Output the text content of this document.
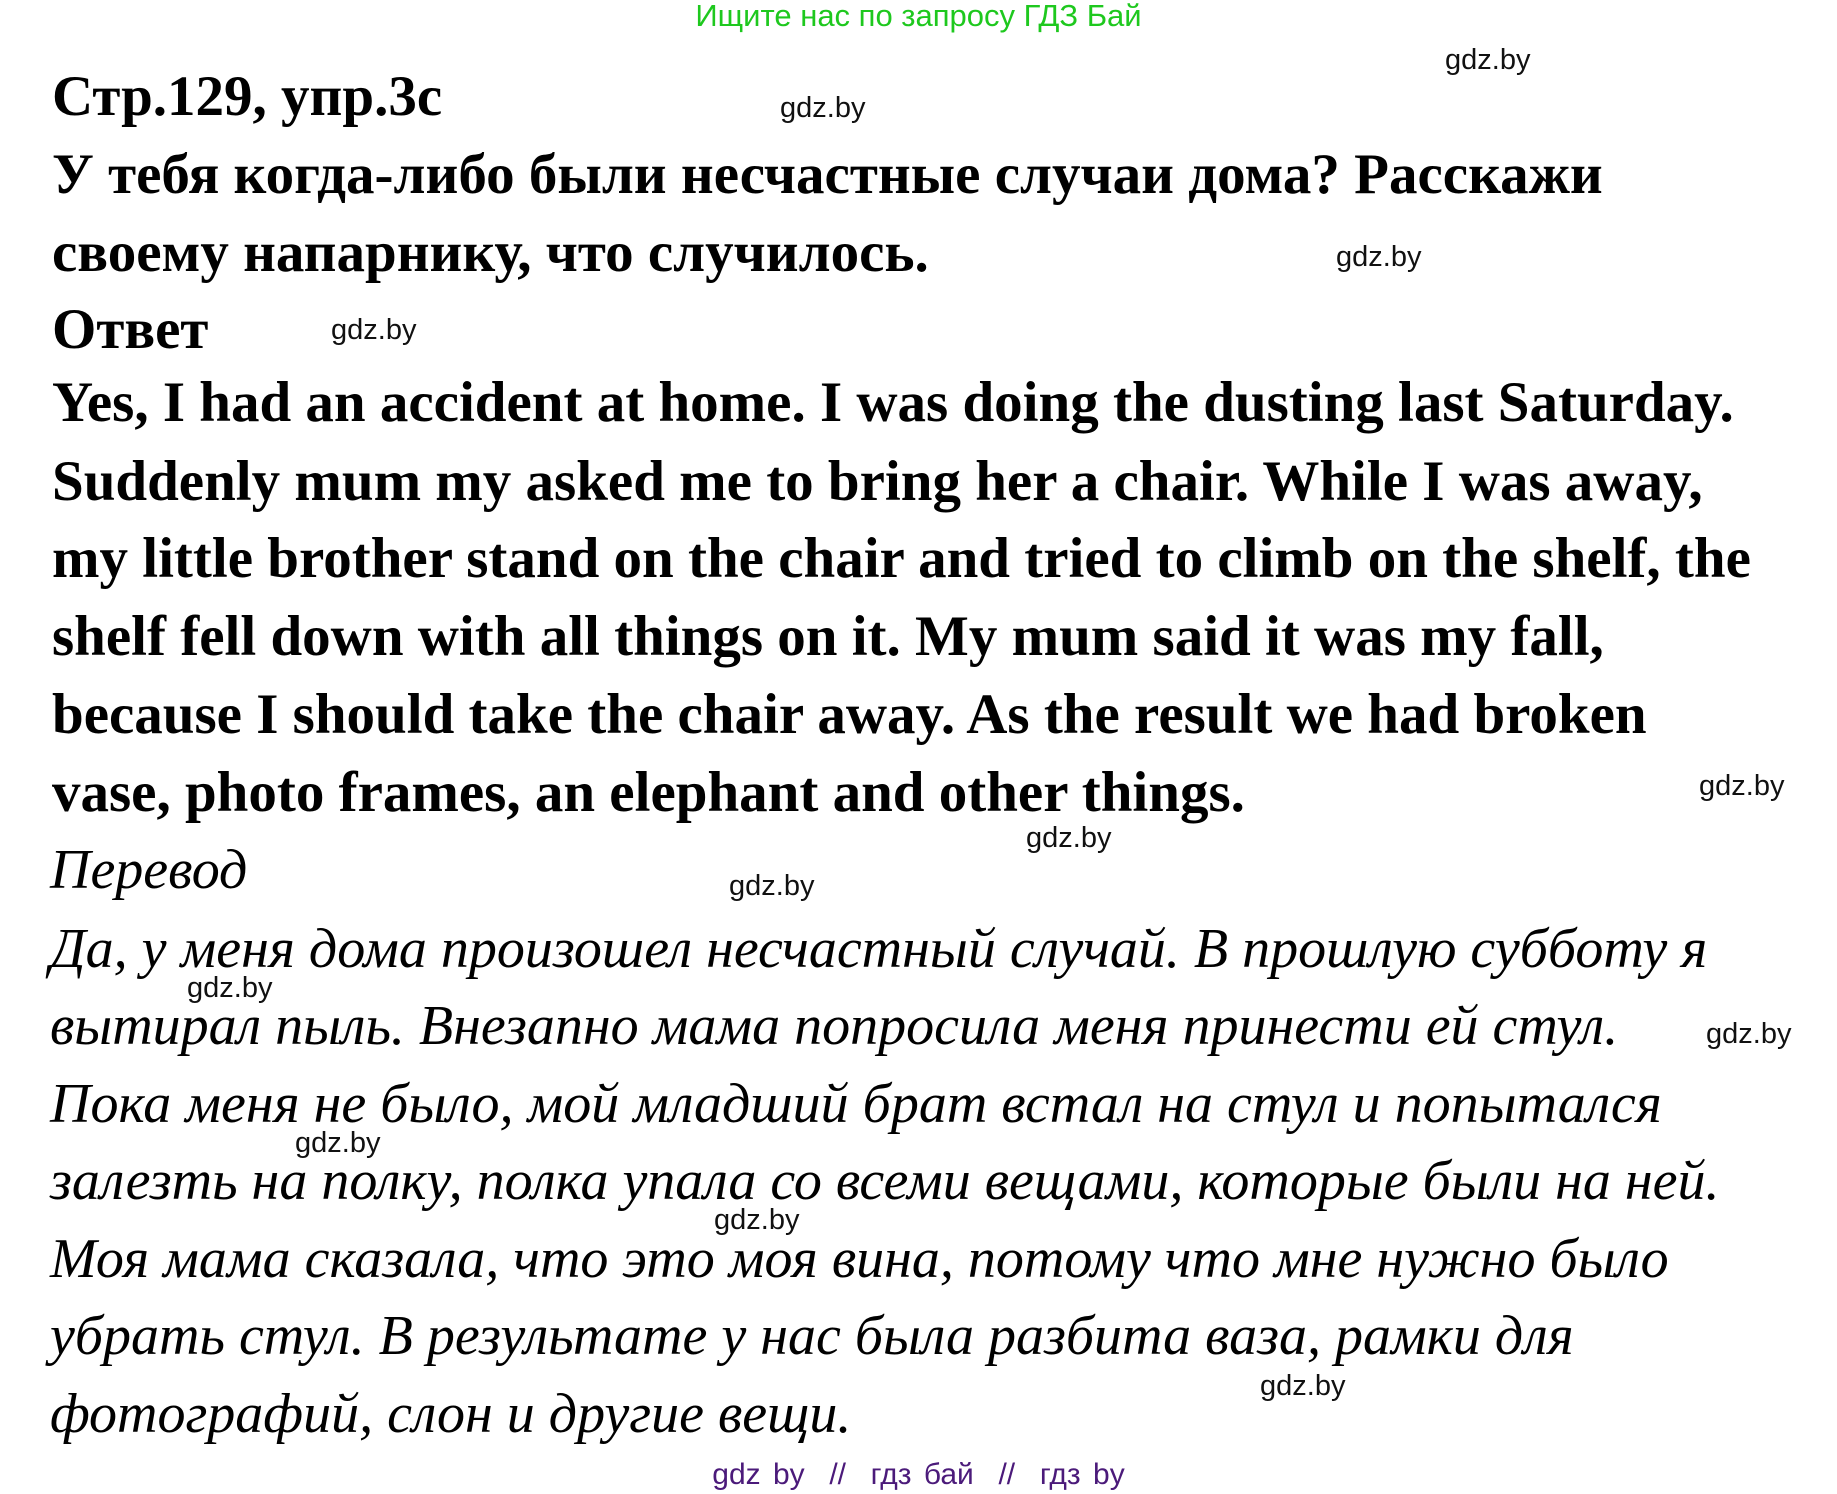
Ищите нас по запросу ГДЗ Бай
Стр.129, упр.3с
У тебя когда-либо были несчастные случаи дома? Расскажи
своему напарнику, что случилось.
Ответ
Yes, I had an accident at home. I was doing the dusting last Saturday.
Suddenly mum my asked me to bring her a chair. While I was away,
my little brother stand on the chair and tried to climb on the shelf, the
shelf fell down with all things on it. My mum said it was my fall,
because I should take the chair away. As the result we had broken
vase, photo frames, an elephant and other things.
Перевод
Да, у меня дома произошел несчастный случай. В прошлую субботу я
вытирал пыль. Внезапно мама попросила меня принести ей стул.
Пока меня не было, мой младший брат встал на стул и попытался
залезть на полку, полка упала со всеми вещами, которые были на ней.
Моя мама сказала, что это моя вина, потому что мне нужно было
убрать стул. В результате у нас была разбита ваза, рамки для
фотографий, слон и другие вещи.
gdz.by
gdz.by
gdz.by
gdz.by
gdz.by
gdz.by
gdz.by
gdz.by
gdz.by
gdz.by
gdz.by
gdz.by
gdz by  //  гдз бай  //  гдз by
